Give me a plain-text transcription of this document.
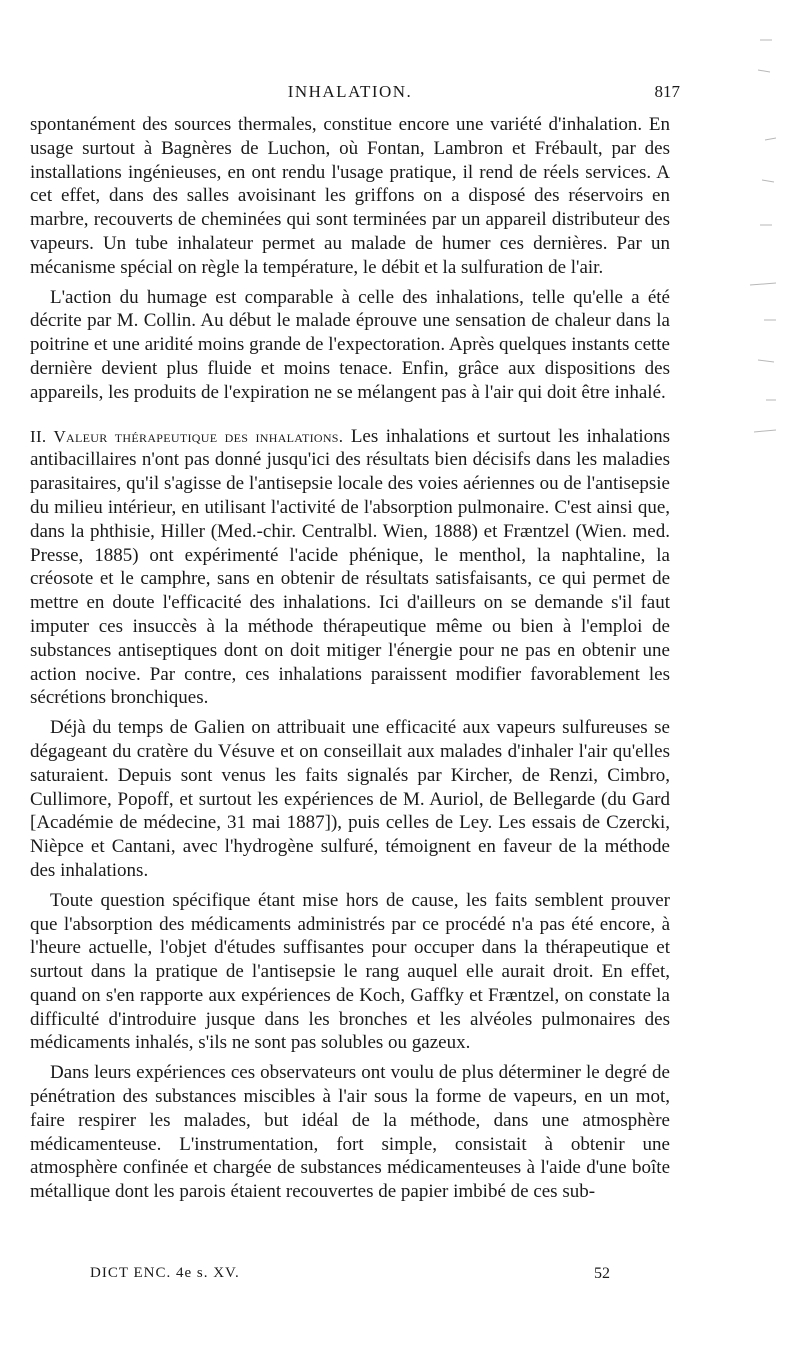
INHALATION.	817

spontanément des sources thermales, constitue encore une variété d'inhalation. En usage surtout à Bagnères de Luchon, où Fontan, Lambron et Frébault, par des installations ingénieuses, en ont rendu l'usage pratique, il rend de réels services. A cet effet, dans des salles avoisinant les griffons on a disposé des réservoirs en marbre, recouverts de cheminées qui sont terminées par un appareil distributeur des vapeurs. Un tube inhalateur permet au malade de humer ces dernières. Par un mécanisme spécial on règle la température, le débit et la sulfuration de l'air.

L'action du humage est comparable à celle des inhalations, telle qu'elle a été décrite par M. Collin. Au début le malade éprouve une sensation de chaleur dans la poitrine et une aridité moins grande de l'expectoration. Après quelques instants cette dernière devient plus fluide et moins tenace. Enfin, grâce aux dispositions des appareils, les produits de l'expiration ne se mélangent pas à l'air qui doit être inhalé.

II. Valeur thérapeutique des inhalations. Les inhalations et surtout les inhalations antibacillaires n'ont pas donné jusqu'ici des résultats bien décisifs dans les maladies parasitaires, qu'il s'agisse de l'antisepsie locale des voies aériennes ou de l'antisepsie du milieu intérieur, en utilisant l'activité de l'absorption pulmonaire. C'est ainsi que, dans la phthisie, Hiller (Med.-chir. Centralbl. Wien, 1888) et Fræntzel (Wien. med. Presse, 1885) ont expérimenté l'acide phénique, le menthol, la naphtaline, la créosote et le camphre, sans en obtenir de résultats satisfaisants, ce qui permet de mettre en doute l'efficacité des inhalations. Ici d'ailleurs on se demande s'il faut imputer ces insuccès à la méthode thérapeutique même ou bien à l'emploi de substances antiseptiques dont on doit mitiger l'énergie pour ne pas en obtenir une action nocive. Par contre, ces inhalations paraissent modifier favorablement les sécrétions bronchiques.

Déjà du temps de Galien on attribuait une efficacité aux vapeurs sulfureuses se dégageant du cratère du Vésuve et on conseillait aux malades d'inhaler l'air qu'elles saturaient. Depuis sont venus les faits signalés par Kircher, de Renzi, Cimbro, Cullimore, Popoff, et surtout les expériences de M. Auriol, de Bellegarde (du Gard [Académie de médecine, 31 mai 1887]), puis celles de Ley. Les essais de Czercki, Nièpce et Cantani, avec l'hydrogène sulfuré, témoignent en faveur de la méthode des inhalations.

Toute question spécifique étant mise hors de cause, les faits semblent prouver que l'absorption des médicaments administrés par ce procédé n'a pas été encore, à l'heure actuelle, l'objet d'études suffisantes pour occuper dans la thérapeutique et surtout dans la pratique de l'antisepsie le rang auquel elle aurait droit. En effet, quand on s'en rapporte aux expériences de Koch, Gaffky et Fræntzel, on constate la difficulté d'introduire jusque dans les bronches et les alvéoles pulmonaires des médicaments inhalés, s'ils ne sont pas solubles ou gazeux.

Dans leurs expériences ces observateurs ont voulu de plus déterminer le degré de pénétration des substances miscibles à l'air sous la forme de vapeurs, en un mot, faire respirer les malades, but idéal de la méthode, dans une atmosphère médicamenteuse. L'instrumentation, fort simple, consistait à obtenir une atmosphère confinée et chargée de substances médicamenteuses à l'aide d'une boîte métallique dont les parois étaient recouvertes de papier imbibé de ces sub-

DICT ENC. 4e s. XV.	52
